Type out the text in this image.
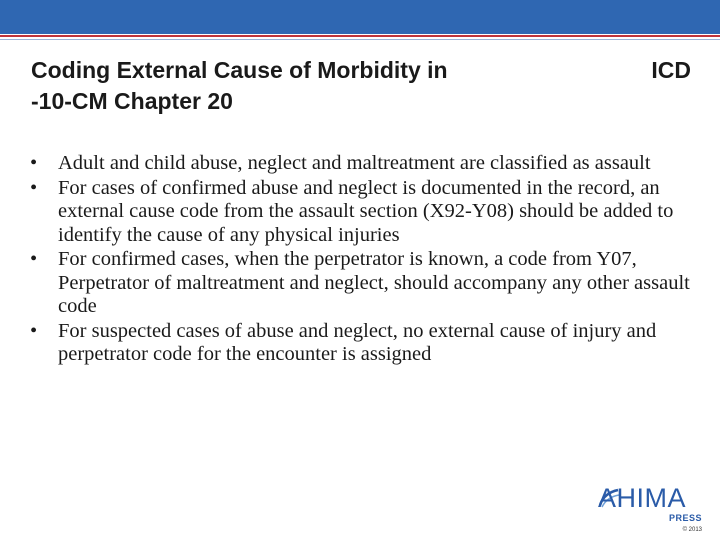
Coding External Cause of Morbidity in	ICD
-10-CM Chapter 20
• Adult and child abuse, neglect and maltreatment are classified as assault
• For cases of confirmed abuse and neglect is documented in the record, an external cause code from the assault section (X92-Y08) should be added to identify the cause of any physical injuries
• For confirmed cases, when the perpetrator is known, a code from Y07, Perpetrator of maltreatment and neglect, should accompany any other assault code
• For suspected cases of abuse and neglect, no external cause of injury and perpetrator code for the encounter is assigned
AHIMA
PRESS
© 2013
